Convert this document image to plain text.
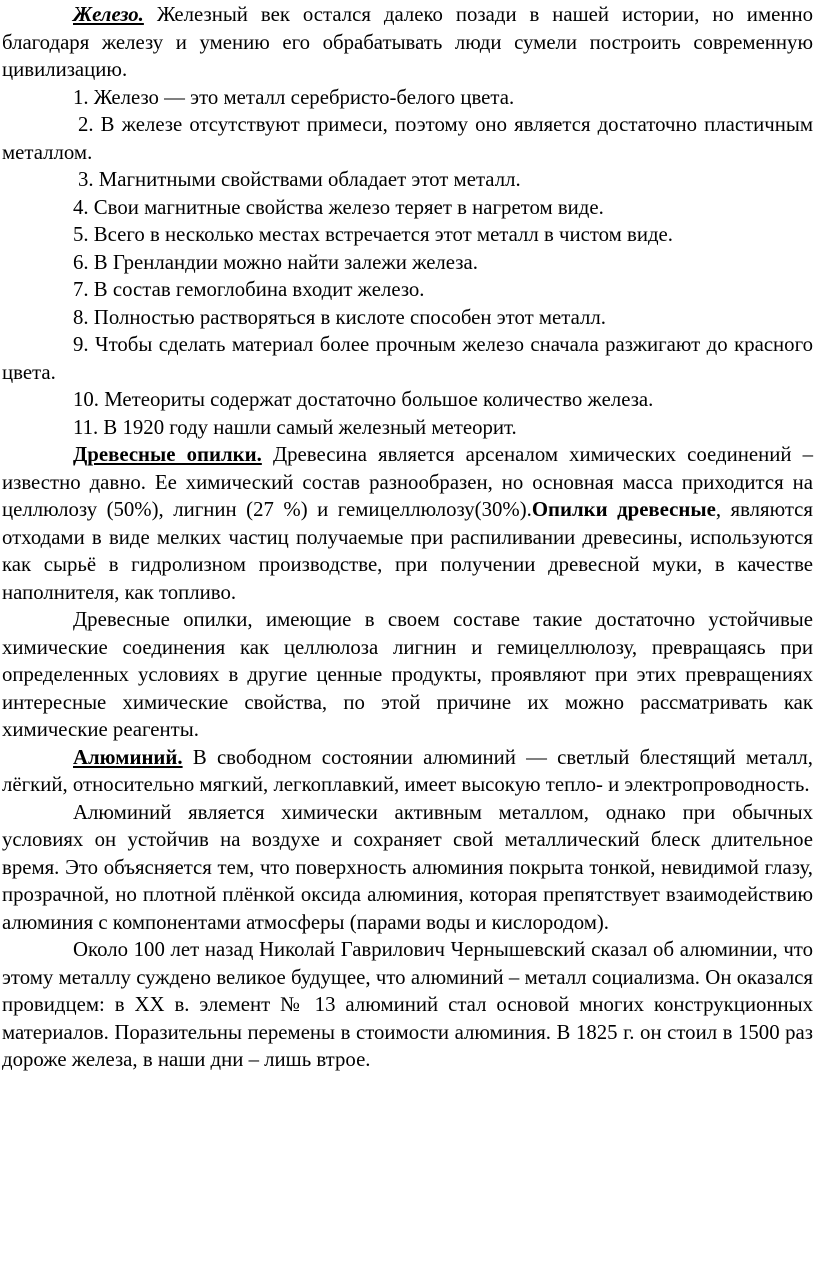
Железо. Железный век остался далеко позади в нашей истории, но именно благодаря железу и умению его обрабатывать люди сумели построить современную цивилизацию.

1. Железо — это металл серебристо-белого цвета.

2. В железе отсутствуют примеси, поэтому оно является достаточно пластичным металлом.

3. Магнитными свойствами обладает этот металл.

4. Свои магнитные свойства железо теряет в нагретом виде.

5. Всего в несколько местах встречается этот металл в чистом виде.

6. В Гренландии можно найти залежи железа.

7. В состав гемоглобина входит железо.

8. Полностью растворяться в кислоте способен этот металл.

9. Чтобы сделать материал более прочным железо сначала разжигают до красного цвета.

10. Метеориты содержат достаточно большое количество железа.

11. В 1920 году нашли самый железный метеорит.

Древесные опилки. Древесина является арсеналом химических соединений – известно давно. Ее химический состав разнообразен, но основная масса приходится на целлюлозу (50%), лигнин (27 %) и гемицеллюлозу(30%).Опилки древесные, являются отходами в виде мелких частиц получаемые при распиливании древесины, используются как сырьё в гидролизном производстве, при получении древесной муки, в качестве наполнителя, как топливо.

Древесные опилки, имеющие в своем составе такие достаточно устойчивые химические соединения как целлюлоза лигнин и гемицеллюлозу, превращаясь при определенных условиях в другие ценные продукты, проявляют при этих превращениях интересные химические свойства, по этой причине их можно рассматривать как химические реагенты.

Алюминий. В свободном состоянии алюминий — светлый блестящий металл, лёгкий, относительно мягкий, легкоплавкий, имеет высокую тепло- и электропроводность.

Алюминий является химически активным металлом, однако при обычных условиях он устойчив на воздухе и сохраняет свой металлический блеск длительное время. Это объясняется тем, что поверхность алюминия покрыта тонкой, невидимой глазу, прозрачной, но плотной плёнкой оксида алюминия, которая препятствует взаимодействию алюминия с компонентами атмосферы (парами воды и кислородом).

Около 100 лет назад Николай Гаврилович Чернышевский сказал об алюминии, что этому металлу суждено великое будущее, что алюминий – металл социализма. Он оказался провидцем: в XX в. элемент № 13 алюминий стал основой многих конструкционных материалов. Поразительны перемены в стоимости алюминия. В 1825 г. он стоил в 1500 раз дороже железа, в наши дни – лишь втрое.
